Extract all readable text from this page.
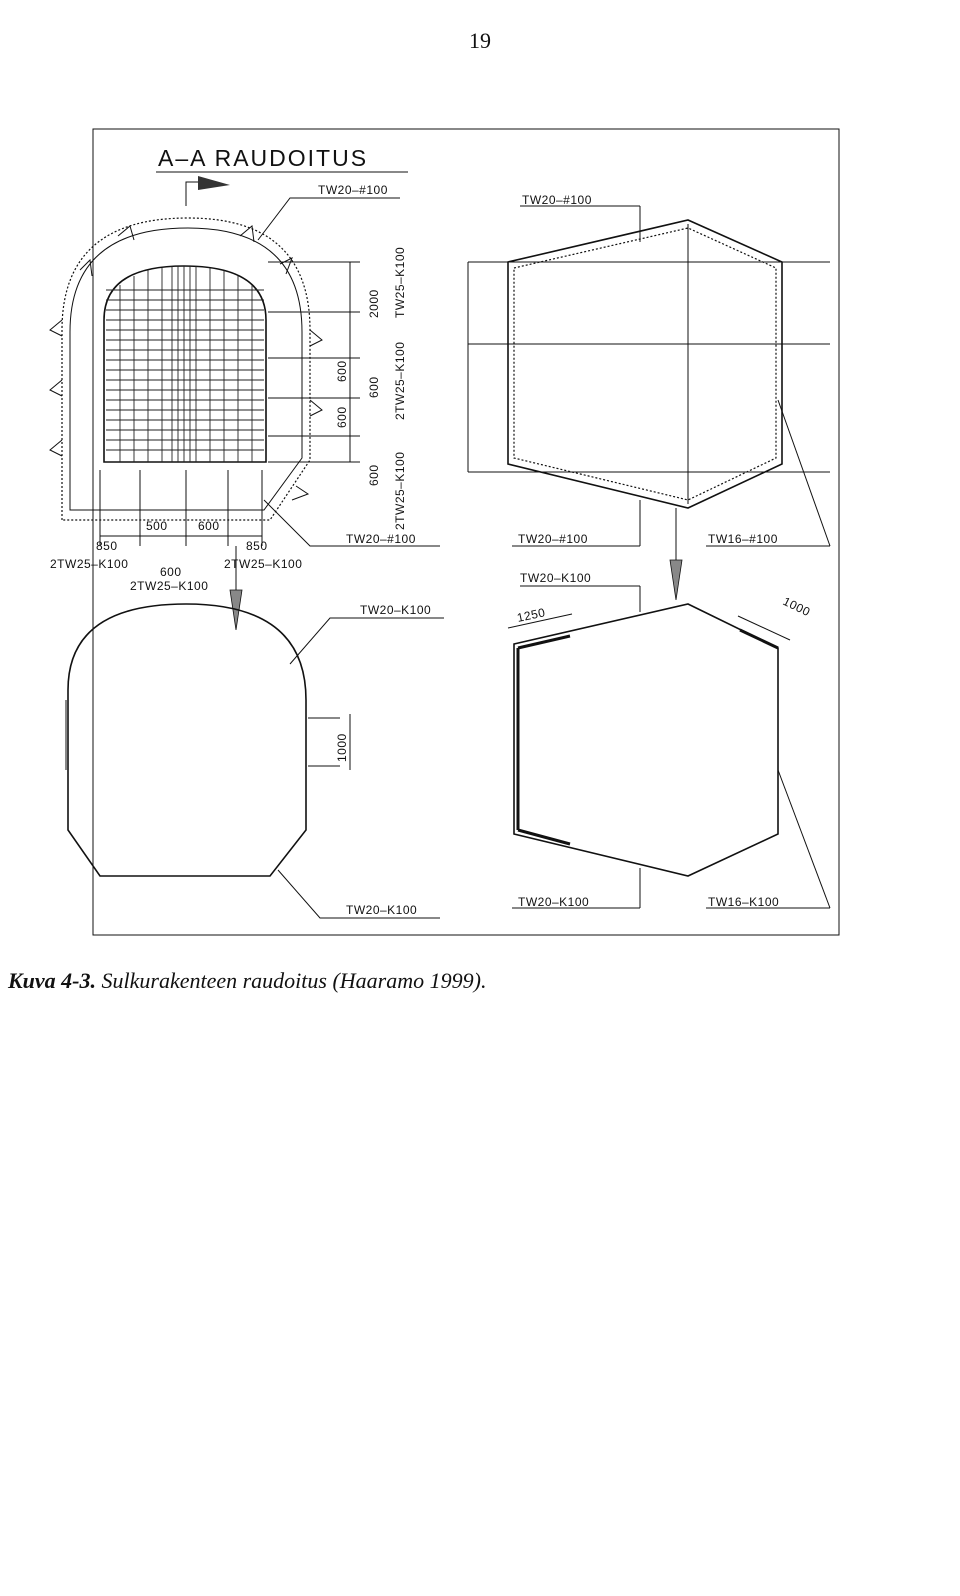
19
A–A RAUDOITUS
2000 TW25–K100
600
600 2TW25–K100
600
600 2TW25–K100
TW20–#100
500	600
850	850
2TW25–K100
600
2TW25–K100
2TW25–K100
TW20–#100
TW20–#100
TW20–#100	TW16–#100
TW20–K100
TW20–K100
1000
TW20–K100
1250	1000
TW20–K100	TW16–K100
Kuva 4-3. Sulkurakenteen raudoitus (Haaramo 1999).
